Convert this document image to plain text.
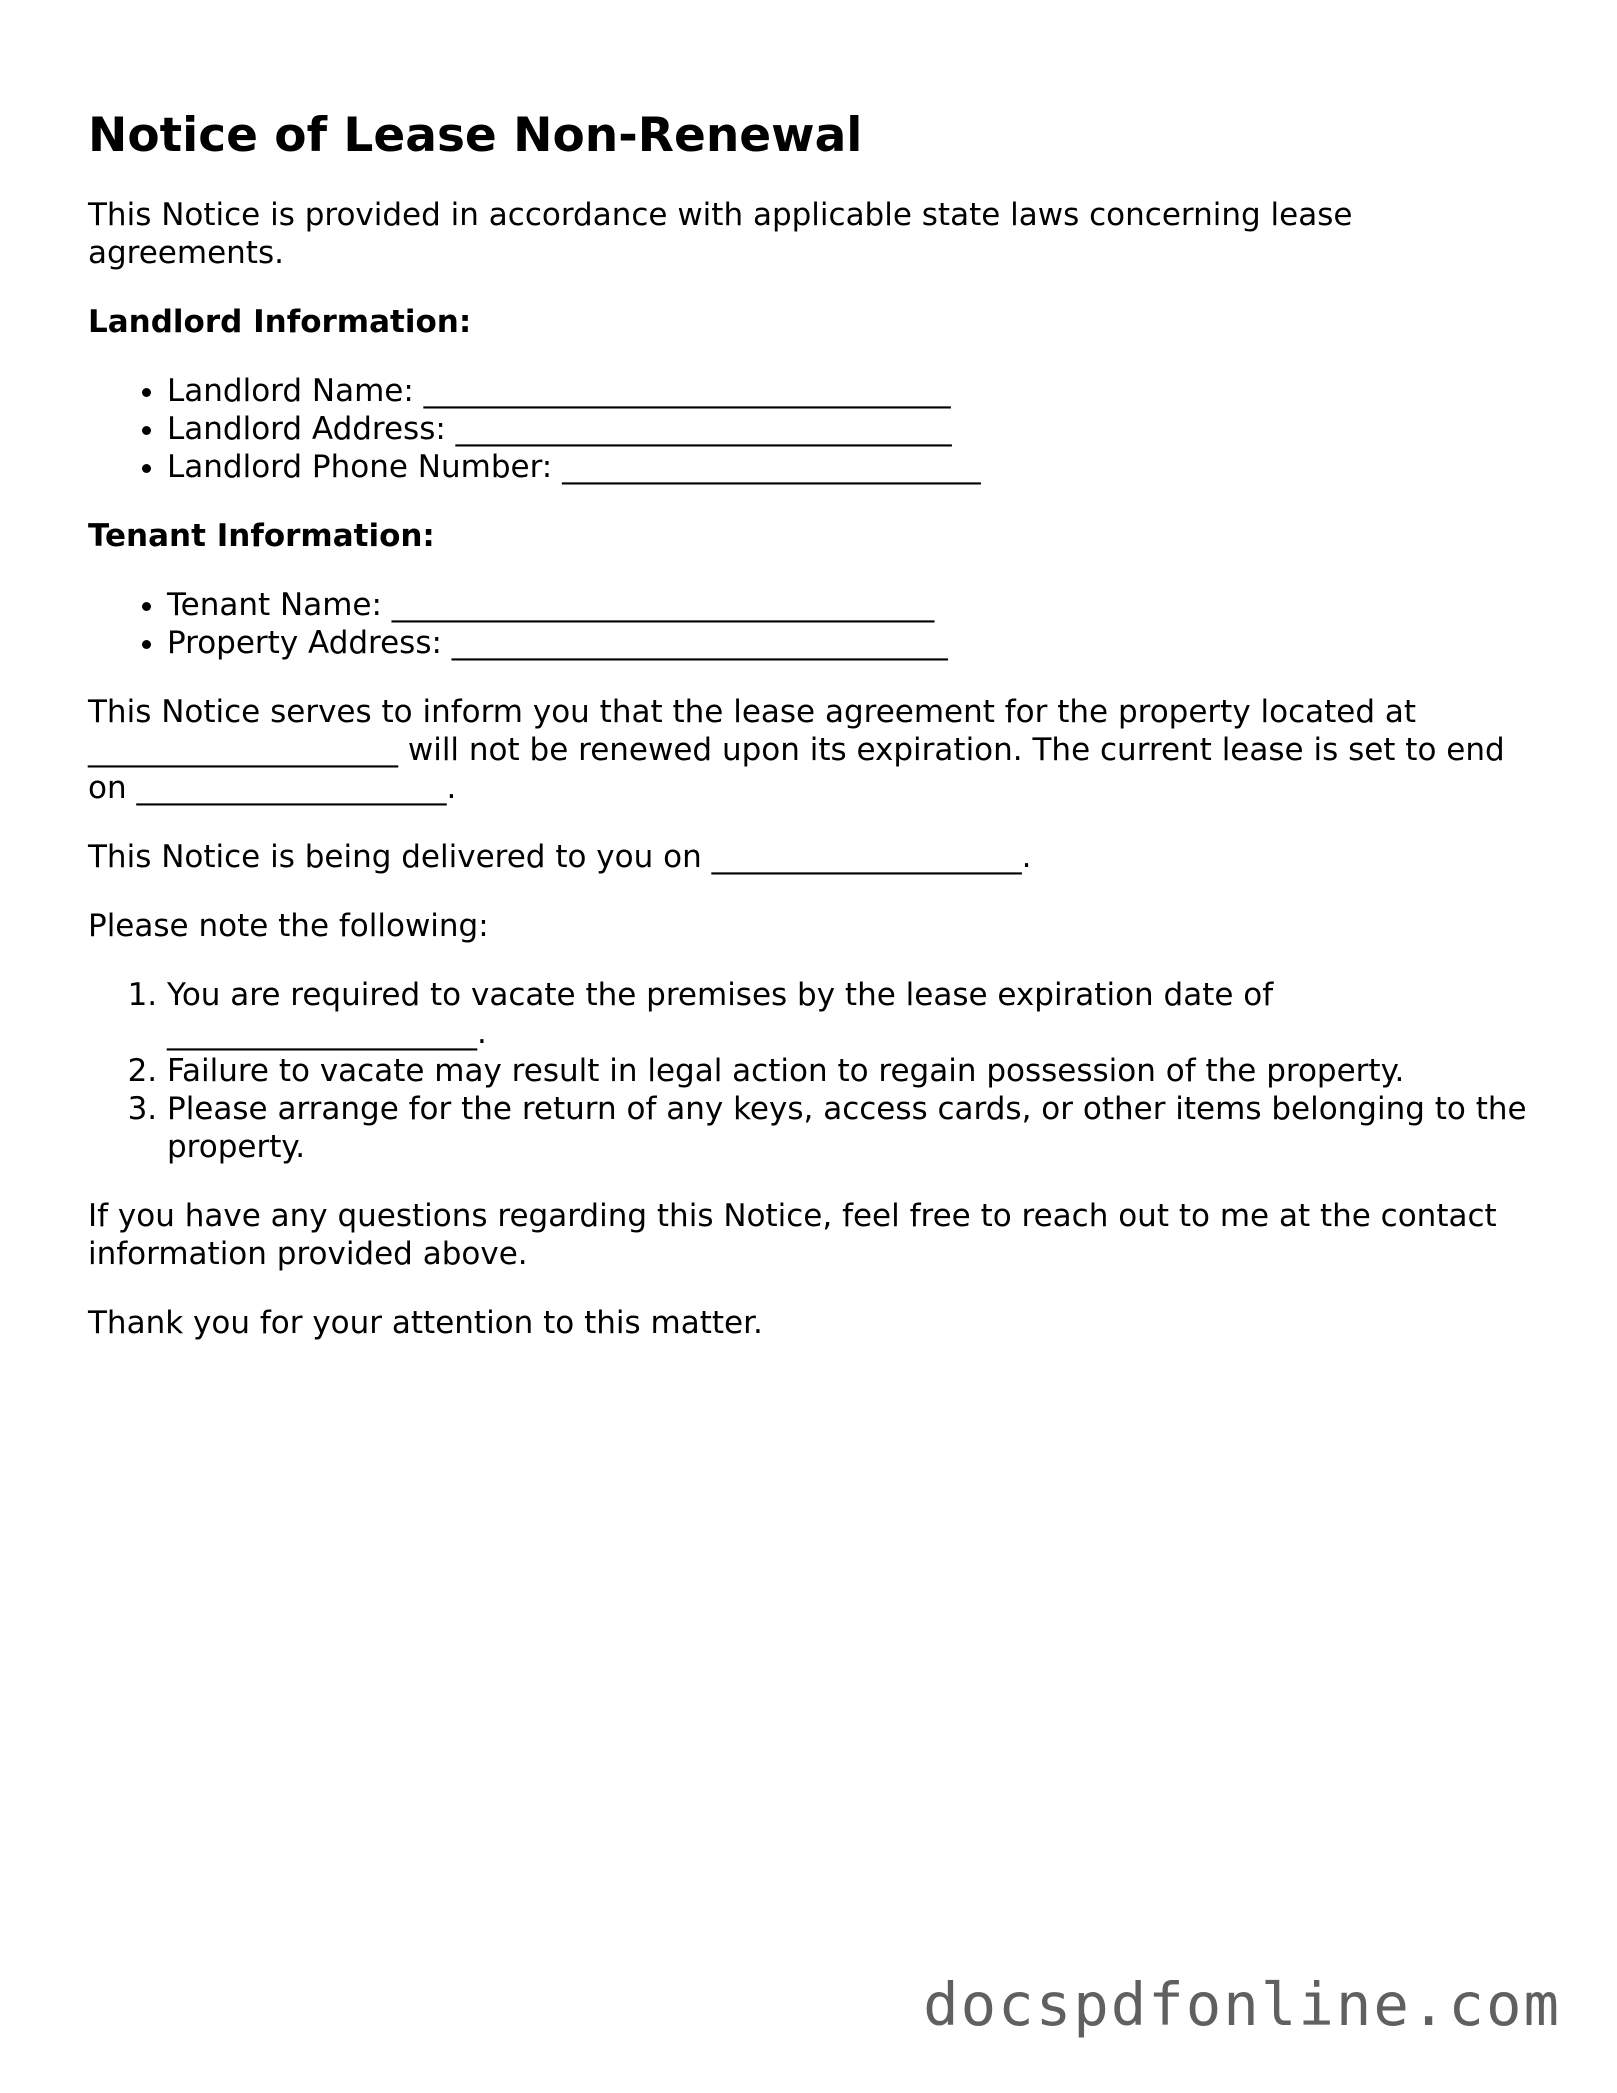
Notice of Lease Non-Renewal

This Notice is provided in accordance with applicable state laws concerning lease agreements.

Landlord Information:
• Landlord Name: __________________________________
• Landlord Address: ________________________________
• Landlord Phone Number: ___________________________
Tenant Information:
• Tenant Name: ___________________________________
• Property Address: ________________________________

This Notice serves to inform you that the lease agreement for the property located at ____________________ will not be renewed upon its expiration. The current lease is set to end on ____________________.

This Notice is being delivered to you on ____________________.

Please note the following:

1. You are required to vacate the premises by the lease expiration date of ____________________.
2. Failure to vacate may result in legal action to regain possession of the property.
3. Please arrange for the return of any keys, access cards, or other items belonging to the property.

If you have any questions regarding this Notice, feel free to reach out to me at the contact information provided above.

Thank you for your attention to this matter.

docspdfonline.com
